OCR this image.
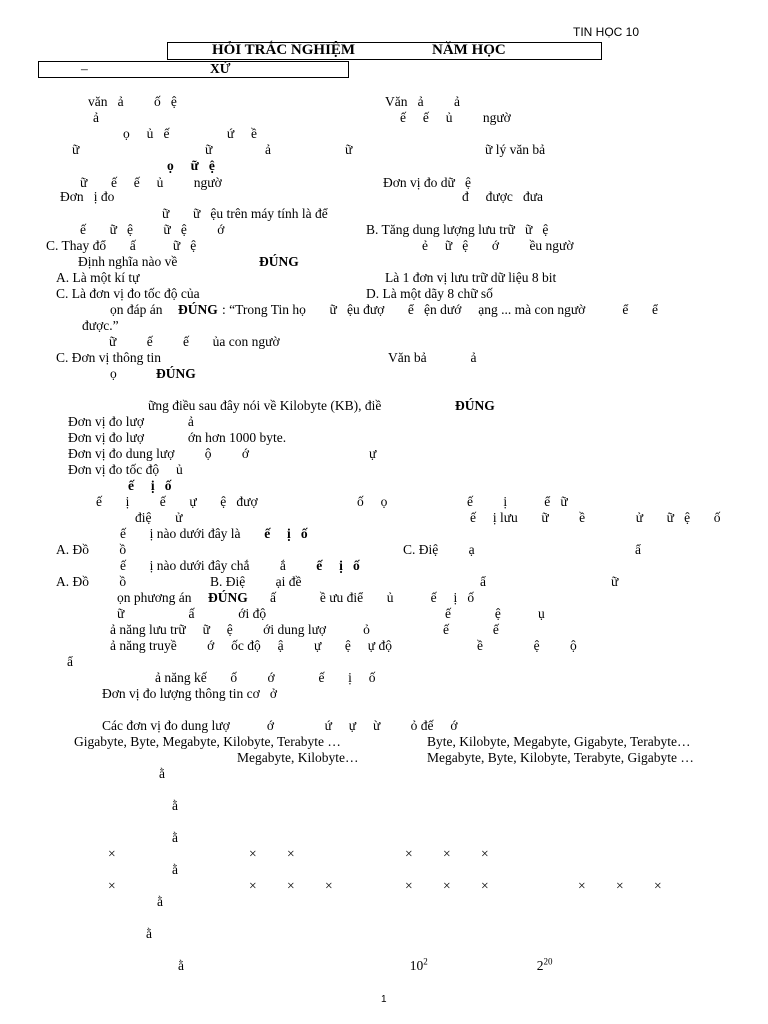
TIN HỌC 10
HỎI TRẮC NGHIỆM	NĂM HỌC
–	XỬ
văn   ả         ố   ệ	Văn   ả         ả
ả	ế     ế     ủ         ngườ
ọ     ủ   ế                 ứ     ề
ữ	ữ	ả	ữ	ữ lý văn bả
ọ     ữ   ệ
ữ       ế     ế     ủ         ngườ	Đơn vị đo dữ   ệ
Đơn   ị đo	đ     được   đưa
ữ       ữ   ệu trên máy tính là để
ế       ữ   ệ         ữ   ệ         ớ	B. Tăng dung lượng lưu trữ   ữ   ệ
C. Thay đổ       ấ           ữ   ệ	ẻ     ữ   ệ       ớ         ều ngườ
Định nghĩa nào về	ĐÚNG
A. Là một kí tự	Là 1 đơn vị lưu trữ dữ liệu 8 bit
C. Là đơn vị đo tốc độ của	D. Là một dãy 8 chữ số
ọn đáp án ĐÚNG : “Trong Tin họ       ữ   ệu đượ       ể   ện dướ     ạng ... mà con ngườ           ể       ể
được.”
ữ         ế         ế       ủa con ngườ
C. Đơn vị thông tin	Văn bả             ả
ọ	ĐÚNG
ững điều sau đây nói về Kilobyte (KB), điề	ĐÚNG
Đơn vị đo lượ             ả
Đơn vị đo lượ             ớn hơn 1000 byte.
Đơn vị đo dung lượ         ộ         ớ	ự
Đơn vị đo tốc độ     ủ
ế     ị   ố
ế       ị         ế       ự       ệ   đượ	ố     ọ	ế         ị           ể   ữ
điệ       ử	ế     ị lưu       ữ         ề               ử       ữ   ệ       ố
ế       ị nào dưới đây là       ế     ị   ố
A. Đồ         ồ	C. Điệ         ạ	ẩ
ế       ị nào dưới đây chắ         ắ         ế     ị   ố
A. Đồ         ồ	B. Điệ         ại đề	ẩ	ữ
ọn phương án ĐÚNG ấ             ề ưu điể       ủ           ế     ị   ố
ữ                   ấ             ới độ	ế             ệ           ụ
ả năng lưu trữ     ữ     ệ         ới dung lượ           ỏ	ế             ế
ả năng truyề         ớ     ốc độ     ậ         ự       ệ     ự độ	ề               ệ         ộ
ẩ
ả năng kế       ố         ớ             ế       ị     ố
Đơn vị đo lượng thông tin cơ   ở
Các đơn vị đo dung lượ           ớ               ứ     ự     ừ         ỏ đế     ớ
Gigabyte, Byte, Megabyte, Kilobyte, Terabyte …	Byte, Kilobyte, Megabyte, Gigabyte, Terabyte…
Megabyte, Kilobyte…	Megabyte, Byte, Kilobyte, Terabyte, Gigabyte …
ằ
ằ
ằ
×	×         ×	×         ×         ×
ằ
×	×         ×         ×	×         ×         ×	×         ×         ×
ằ
ằ
ằ	$10^2$	$2^{20}$

1
